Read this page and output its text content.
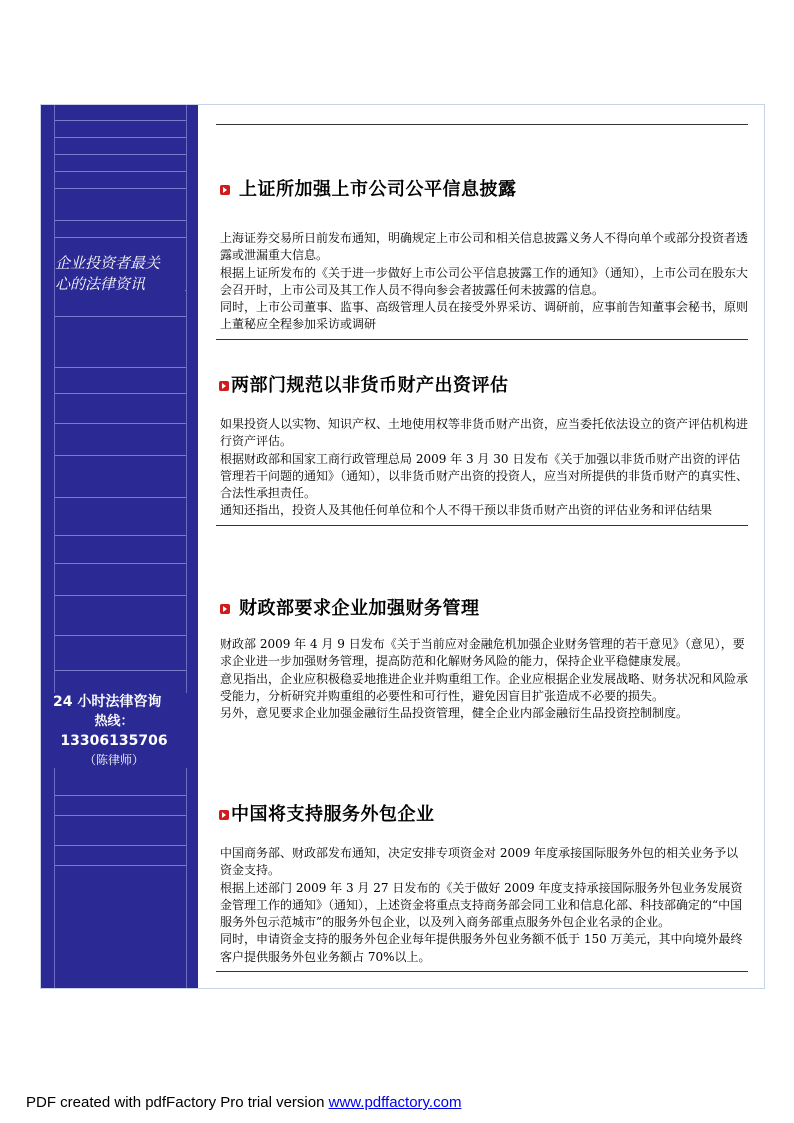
企业投资者最关
心的法律资讯
24 小时法律咨询
热线：
13306135706
（陈律师）
上证所加强上市公司公平信息披露

上海证券交易所日前发布通知，明确规定上市公司和相关信息披露义务人不得向单个或部分投资者透露或泄漏重大信息。

根据上证所发布的《关于进一步做好上市公司公平信息披露工作的通知》（通知），上市公司在股东大会召开时，上市公司及其工作人员不得向参会者披露任何未披露的信息。

同时，上市公司董事、监事、高级管理人员在接受外界采访、调研前，应事前告知董事会秘书，原则上董秘应全程参加采访或调研

两部门规范以非货币财产出资评估

如果投资人以实物、知识产权、土地使用权等非货币财产出资，应当委托依法设立的资产评估机构进行资产评估。

根据财政部和国家工商行政管理总局 2009 年 3 月 30 日发布《关于加强以非货币财产出资的评估管理若干问题的通知》（通知），以非货币财产出资的投资人，应当对所提供的非货币财产的真实性、合法性承担责任。

通知还指出，投资人及其他任何单位和个人不得干预以非货币财产出资的评估业务和评估结果

财政部要求企业加强财务管理

财政部 2009 年 4 月 9 日发布《关于当前应对金融危机加强企业财务管理的若干意见》（意见），要求企业进一步加强财务管理，提高防范和化解财务风险的能力，保持企业平稳健康发展。

意见指出，企业应积极稳妥地推进企业并购重组工作。企业应根据企业发展战略、财务状况和风险承受能力，分析研究并购重组的必要性和可行性，避免因盲目扩张造成不必要的损失。

另外，意见要求企业加强金融衍生品投资管理，健全企业内部金融衍生品投资控制制度。

中国将支持服务外包企业

中国商务部、财政部发布通知，决定安排专项资金对 2009 年度承接国际服务外包的相关业务予以资金支持。

根据上述部门 2009 年 3 月 27 日发布的《关于做好 2009 年度支持承接国际服务外包业务发展资金管理工作的通知》（通知），上述资金将重点支持商务部会同工业和信息化部、科技部确定的“中国服务外包示范城市”的服务外包企业，以及列入商务部重点服务外包企业名录的企业。

同时，申请资金支持的服务外包企业每年提供服务外包业务额不低于 150 万美元，其中向境外最终客户提供服务外包业务额占 70%以上。

PDF created with pdfFactory Pro trial version www.pdffactory.com
